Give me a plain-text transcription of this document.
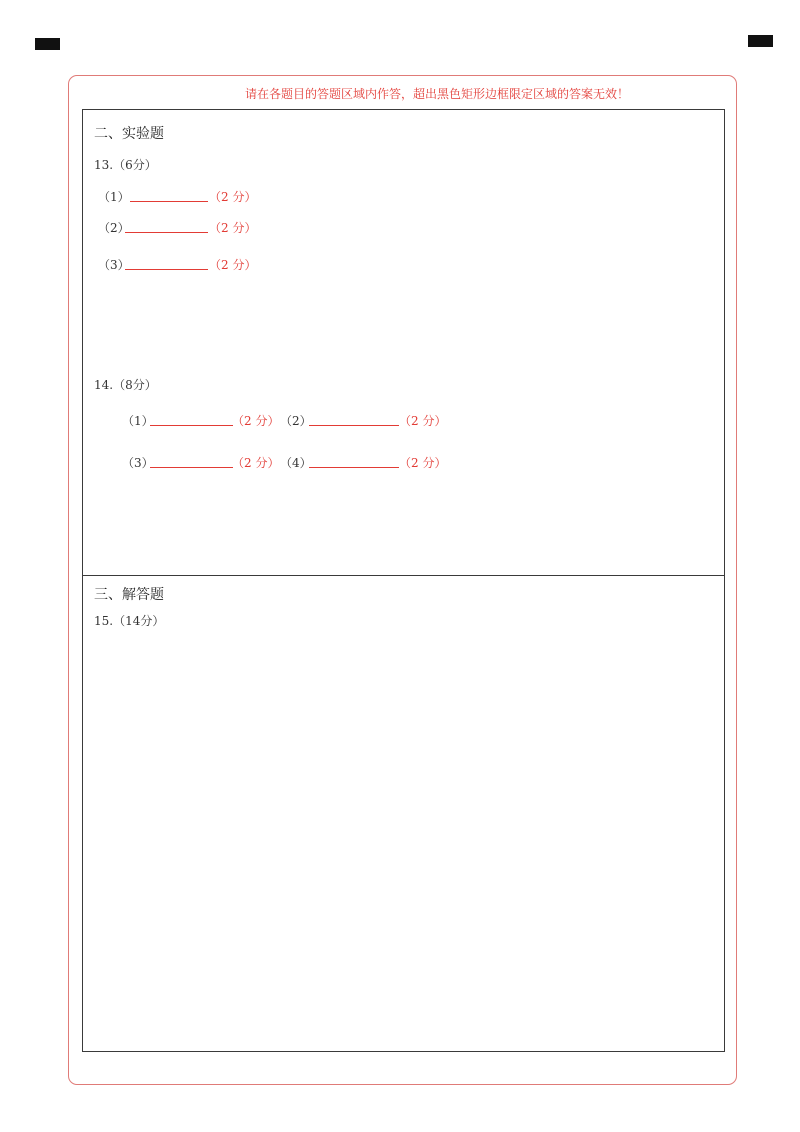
请在各题目的答题区域内作答，超出黑色矩形边框限定区域的答案无效！
二、实验题
13.（6分）
（1）	（2 分）
（2）	（2 分）
（3）	（2 分）
14.（8分）
（1）	（2 分） （2）	（2 分）
（3）	（2 分） （4）	（2 分）
三、解答题
15.（14分）
